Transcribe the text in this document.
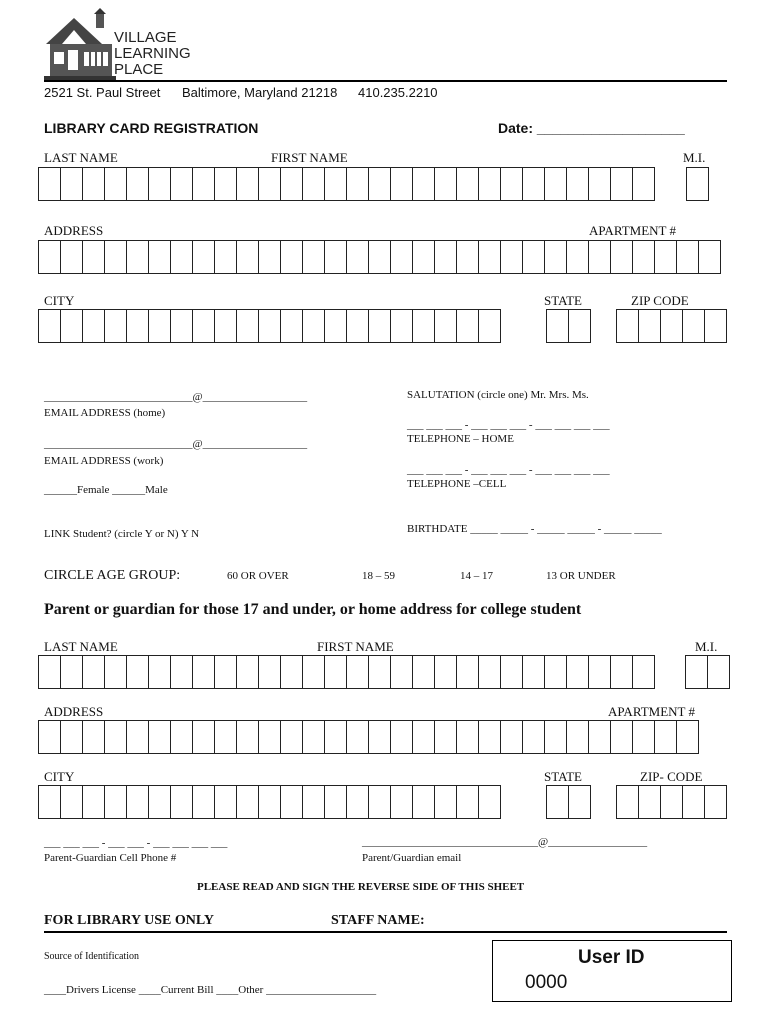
VILLAGE
LEARNING
PLACE
2521 St. Paul Street Baltimore, Maryland 21218 410.235.2210
LIBRARY CARD REGISTRATION	Date: ___________________
LAST NAME	FIRST NAME	M.I.
ADDRESS	APARTMENT #
CITY	STATE	ZIP CODE
___________________________@___________________
EMAIL ADDRESS (home)
___________________________@___________________
EMAIL ADDRESS (work)
______Female ______Male
SALUTATION (circle one) Mr. Mrs. Ms.
___ ___ ___ - ___ ___ ___ - ___ ___ ___ ___
TELEPHONE – HOME
___ ___ ___ - ___ ___ ___ - ___ ___ ___ ___
TELEPHONE –CELL
LINK Student? (circle Y or N) Y N	BIRTHDATE _____ _____ - _____ _____ - _____ _____
CIRCLE AGE GROUP:	60 OR OVER	18 – 59	14 – 17	13 OR UNDER
Parent or guardian for those 17 and under, or home address for college student
LAST NAME	FIRST NAME	M.I.
ADDRESS	APARTMENT #
CITY	STATE	ZIP- CODE
___ ___ ___ - ___ ___ - ___ ___ ___ ___
Parent-Guardian Cell Phone #
________________________________@__________________
Parent/Guardian email
PLEASE READ AND SIGN THE REVERSE SIDE OF THIS SHEET
FOR LIBRARY USE ONLY	STAFF NAME:
Source of Identification
____Drivers License ____Current Bill ____Other ____________________
User ID
0000
